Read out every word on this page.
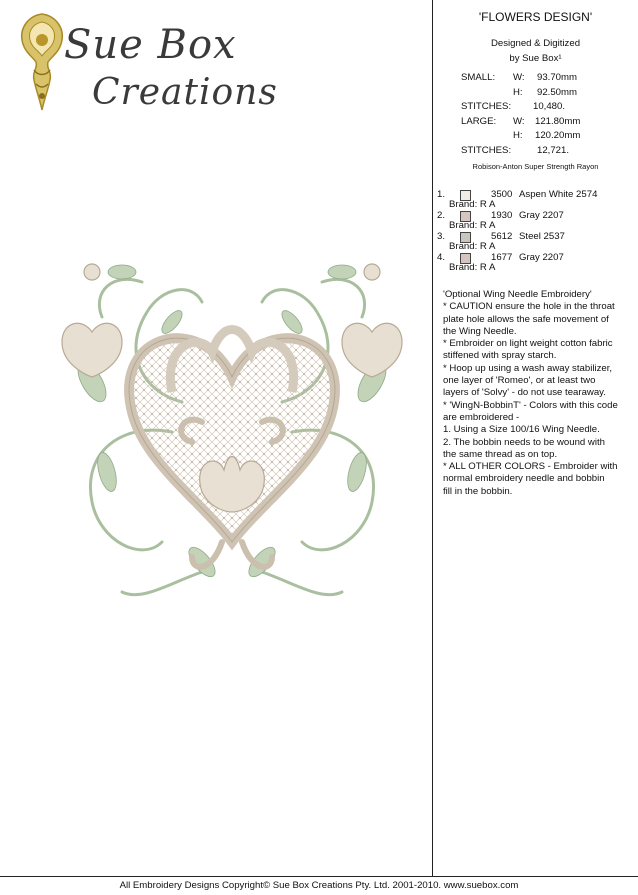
Sue Box
Creations
'FLOWERS DESIGN'
Designed & Digitized
by Sue Box¹
SMALL: W: 93.70mm
H: 92.50mm
STITCHES: 10,480.
LARGE: W: 121.80mm
H: 120.20mm
STITCHES:	12,721.
Robison-Anton Super Strength Rayon
1.	3500 Aspen White 2574
Brand: R A
2.	1930 Gray 2207
Brand: R A
3.	5612 Steel 2537
Brand: R A
4.	1677 Gray 2207
Brand: R A
'Optional Wing Needle Embroidery'
* CAUTION ensure the hole in the throat
plate hole allows the safe movement of
the Wing Needle.
* Embroider on light weight cotton fabric
stiffened with spray starch.
* Hoop up using a wash away stabilizer,
one layer of 'Romeo', or at least two
layers of 'Solvy' - do not use tearaway.
* 'WingN-BobbinT' - Colors with this code
are embroidered -
1. Using a Size 100/16 Wing Needle.
2. The bobbin needs to be wound with
the same thread as on top.
* ALL OTHER COLORS - Embroider with
normal embroidery needle and bobbin
fill in the bobbin.
All Embroidery Designs Copyright© Sue Box Creations Pty. Ltd. 2001-2010. www.suebox.com
